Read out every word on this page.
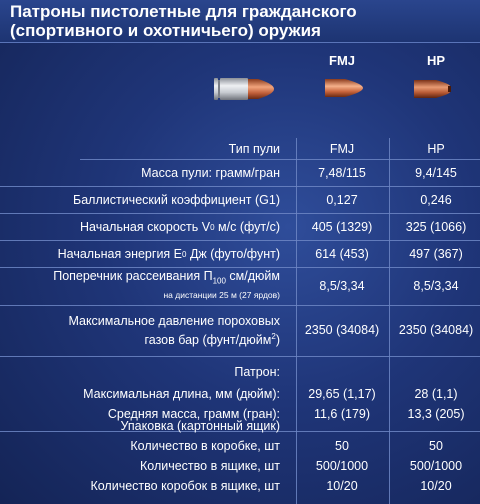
Патроны пистолетные для гражданского
(спортивного и охотничьего) оружия
FMJ	HP
Тип пули	FMJ	HP
Масса пули: грамм/гран	7,48/115	9,4/145
Баллистический коэффициент (G1)	0,127	0,246
Начальная скорость V 0 м/с (фут/с)	405 (1329)	325 (1066)
Начальная энергия E 0 Дж (футо/фунт)	614 (453)	497 (367)
Поперечник рассеивания $П_{100}$ см/дюйм
на дистанции 25 м (27 ярдов)
8,5/3,34	8,5/3,34
Максимальное давление пороховых
газов бар (фунт/дюйм$^2$)
2350 (34084)	2350 (34084)
Патрон:
Максимальная длина, мм (дюйм):	29,65 (1,17)	28 (1,1)
Средняя масса, грамм (гран):	11,6 (179)	13,3 (205)
Упаковка (картонный ящик)
Количество в коробке, шт	50	50
Количество в ящике, шт	500/1000	500/1000
Количество коробок в ящике, шт	10/20	10/20
